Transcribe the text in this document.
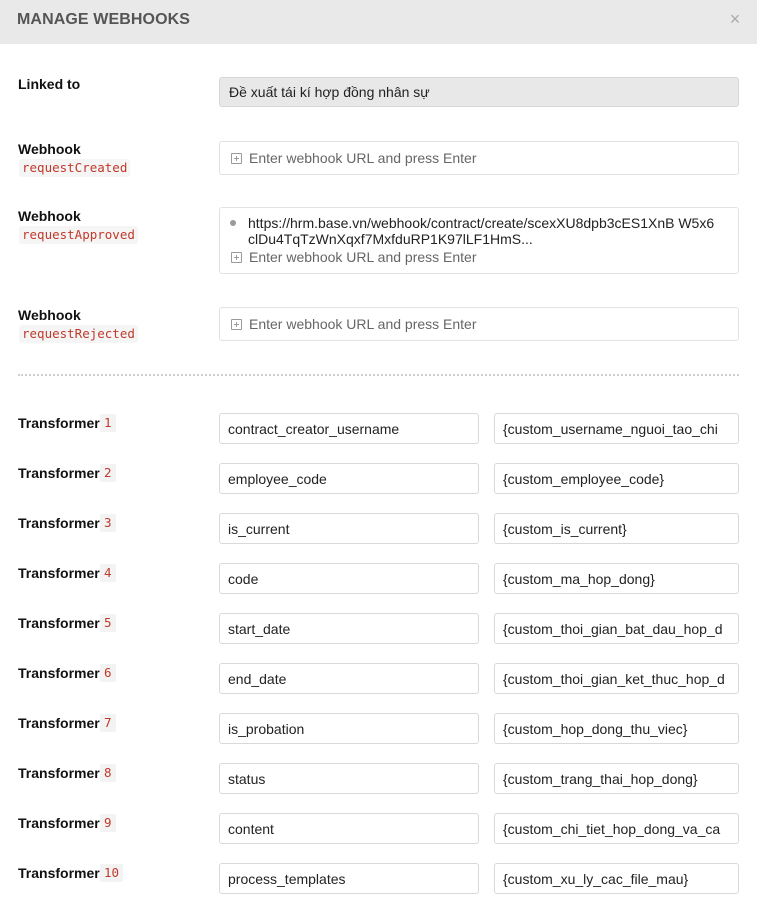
MANAGE WEBHOOKS	×
Linked to	Đề xuất tái kí hợp đồng nhân sự
Webhook
requestCreated
Enter webhook URL and press Enter
Webhook
requestApproved
https://hrm.base.vn/webhook/contract/create/scexXU8dpb3cES1XnB W5x6clDu4TqTzWnXqxf7MxfduRP1K97lLF1HmS...
Enter webhook URL and press Enter
Webhook
requestRejected
Enter webhook URL and press Enter
Transformer 1	contract_creator_username	{custom_username_nguoi_tao_chi
Transformer 2	employee_code	{custom_employee_code}
Transformer 3	is_current	{custom_is_current}
Transformer 4	code	{custom_ma_hop_dong}
Transformer 5	start_date	{custom_thoi_gian_bat_dau_hop_d
Transformer 6	end_date	{custom_thoi_gian_ket_thuc_hop_d
Transformer 7	is_probation	{custom_hop_dong_thu_viec}
Transformer 8	status	{custom_trang_thai_hop_dong}
Transformer 9	content	{custom_chi_tiet_hop_dong_va_ca
Transformer 10	process_templates	{custom_xu_ly_cac_file_mau}
